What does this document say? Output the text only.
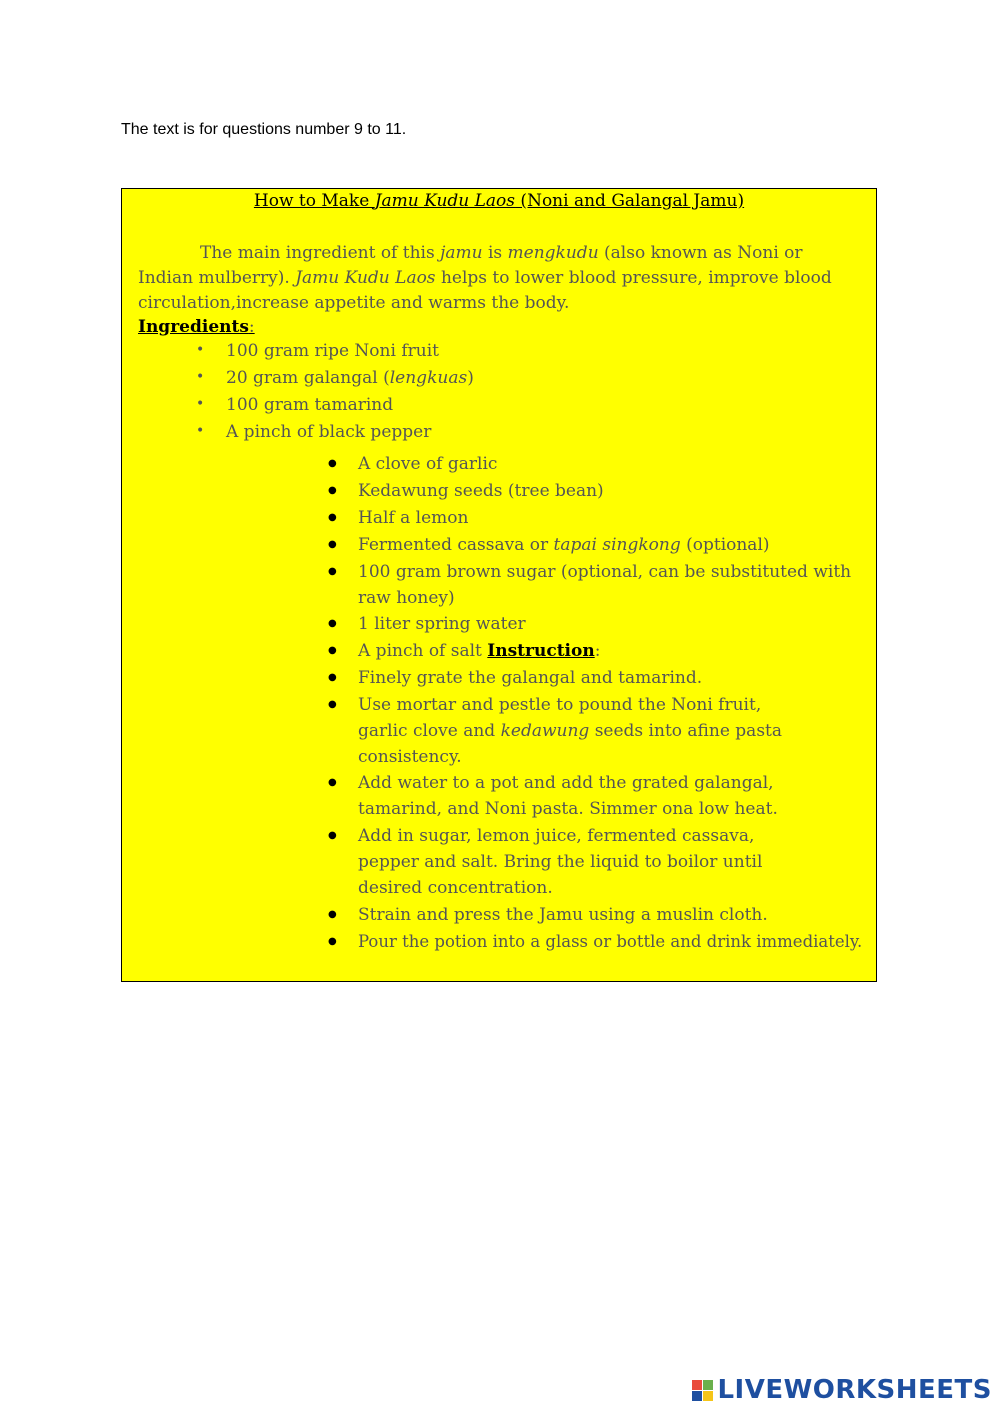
The text is for questions number 9 to 11.
How to Make Jamu Kudu Laos (Noni and Galangal Jamu)

The main ingredient of this jamu is mengkudu (also known as Noni or Indian mulberry). Jamu Kudu Laos helps to lower blood pressure, improve blood circulation,increase appetite and warms the body.

Ingredients:
• 100 gram ripe Noni fruit
• 20 gram galangal (lengkuas)
• 100 gram tamarind
• A pinch of black pepper
● A clove of garlic
● Kedawung seeds (tree bean)
● Half a lemon
● Fermented cassava or tapai singkong (optional)
● 100 gram brown sugar (optional, can be substituted with raw honey)
● 1 liter spring water
● A pinch of salt Instruction:
● Finely grate the galangal and tamarind.
● Use mortar and pestle to pound the Noni fruit, garlic clove and kedawung seeds into afine pasta consistency.
● Add water to a pot and add the grated galangal, tamarind, and Noni pasta. Simmer ona low heat.
● Add in sugar, lemon juice, fermented cassava, pepper and salt. Bring the liquid to boilor until desired concentration.
● Strain and press the Jamu using a muslin cloth.
● Pour the potion into a glass or bottle and drink immediately.
LIVEWORKSHEETS
